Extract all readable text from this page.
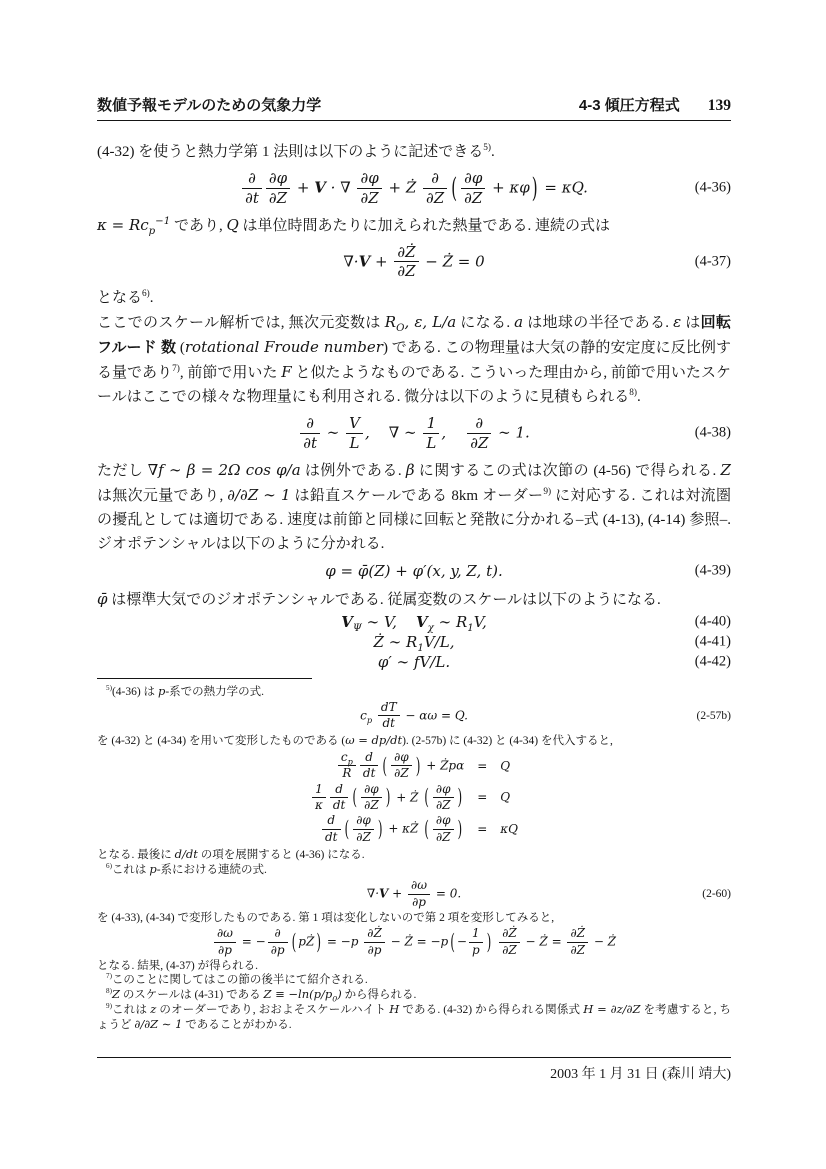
数値予報モデルのための気象力学	4-3 傾圧方程式 139

(4-32) を使うと熱力学第 1 法則は以下のように記述できる$^{5)}$.

$\frac{\partial}{\partial t} \frac{\partial\varphi}{\partial Z} + V$ · ∇ $\frac{\partial\varphi}{\partial Z}$ + Ż $\frac{\partial}{\partial Z}$ ( $\frac{\partial\varphi}{\partial Z} + \kappa\varphi$ ) = κQ.	(4-36)

$\kappa = Rc_p^{-1}$ であり, Q は単位時間あたりに加えられた熱量である. 連続の式は

$\nabla\cdot V + \frac{\partial Ż}{\partial Z}$ − Ż = 0	(4-37)

となる$^{6)}$.

ここでのスケール解析では, 無次元変数は $R_O$, ε, L/a になる. a は地球の半径である. ε は回転フルード 数 (rotational Froude number) である. この物理量は大気の静的安定度に反比例する量であり$^{7)}$, 前節で用いた F と似たようなものである. こういった理由から, 前節で用いたスケールはここでの様々な物理量にも利用される. 微分は以下のように見積もられる$^{8)}$.

$\frac{\partial}{\partial t}$ ∼ $\frac{V}{L}$ ,    ∇ ∼ $\frac{1}{L}$ , $\frac{\partial}{\partial Z}$ ∼ 1.	(4-38)

ただし ∇f ∼ β = 2Ω cos φ/a は例外である. β に関するこの式は次節の (4-56) で得られる. Z は無次元量であり, ∂/∂Z ∼ 1 は鉛直スケールである 8km オーダー$^{9)}$ に対応する. これは対流圏の擾乱としては適切である. 速度は前節と同様に回転と発散に分かれる–式 (4-13), (4-14) 参照–. ジオポテンシャルは以下のように分かれる.

φ = φ̄(Z) + φ′(x, y, Z, t).	(4-39)

φ̄ は標準大気でのジオポテンシャルである. 従属変数のスケールは以下のようになる.

$V_\Psi$ ∼ V,    $V_\chi$ ∼ $R_1V$,	(4-40)
Ż ∼ $R_1V/L$,	(4-41)
φ′ ∼ fV/L.	(4-42)

$^{5)}$(4-36) は p-系での熱力学の式.

$c_p \frac{dT}{dt} - \alpha\omega = Q$.	(2-57b)

を (4-32) と (4-34) を用いて変形したものである (ω = dp/dt). (2-57b) に (4-32) と (4-34) を代入すると,

$\frac{c_p}{R} \frac{d}{dt}$ ( $\frac{\partial\varphi}{\partial Z}$ ) + Żpα	=	Q

$\frac{1}{\kappa} \frac{d}{dt}$ ( $\frac{\partial\varphi}{\partial Z}$ ) + Ż ( $\frac{\partial\varphi}{\partial Z}$ )	=	Q

$\frac{d}{dt}$ ( $\frac{\partial\varphi}{\partial Z}$ ) + κŻ ( $\frac{\partial\varphi}{\partial Z}$ )	=	κQ

となる. 最後に d/dt の項を展開すると (4-36) になる.

$^{6)}$これは p-系における連続の式.

$\nabla\cdot V + \frac{\partial\omega}{\partial p} = 0$.	(2-60)

を (4-33), (4-34) で変形したものである. 第 1 項は変化しないので第 2 項を変形してみると,

$\frac{\partial\omega}{\partial p}$ = − $\frac{\partial}{\partial p}$ ( pŻ ) = $-p \frac{\partial Ż}{\partial p}$ − Ż = −p ( − $\frac{1}{p}$ ) $\frac{\partial Ż}{\partial Z}$ − Ż = $\frac{\partial Ż}{\partial Z}$ − Ż

となる. 結果, (4-37) が得られる.

$^{7)}$このことに関してはこの節の後半にて紹介される.

$^{8)}$Z のスケールは (4-31) である $Z \equiv -\ln(p/p_0)$ から得られる.

$^{9)}$これは z のオーダーであり, おおよそスケールハイト H である. (4-32) から得られる関係式 H = ∂z/∂Z を考慮すると, ちょうど ∂/∂Z ∼ 1 であることがわかる.

2003 年 1 月 31 日 (森川 靖大)
